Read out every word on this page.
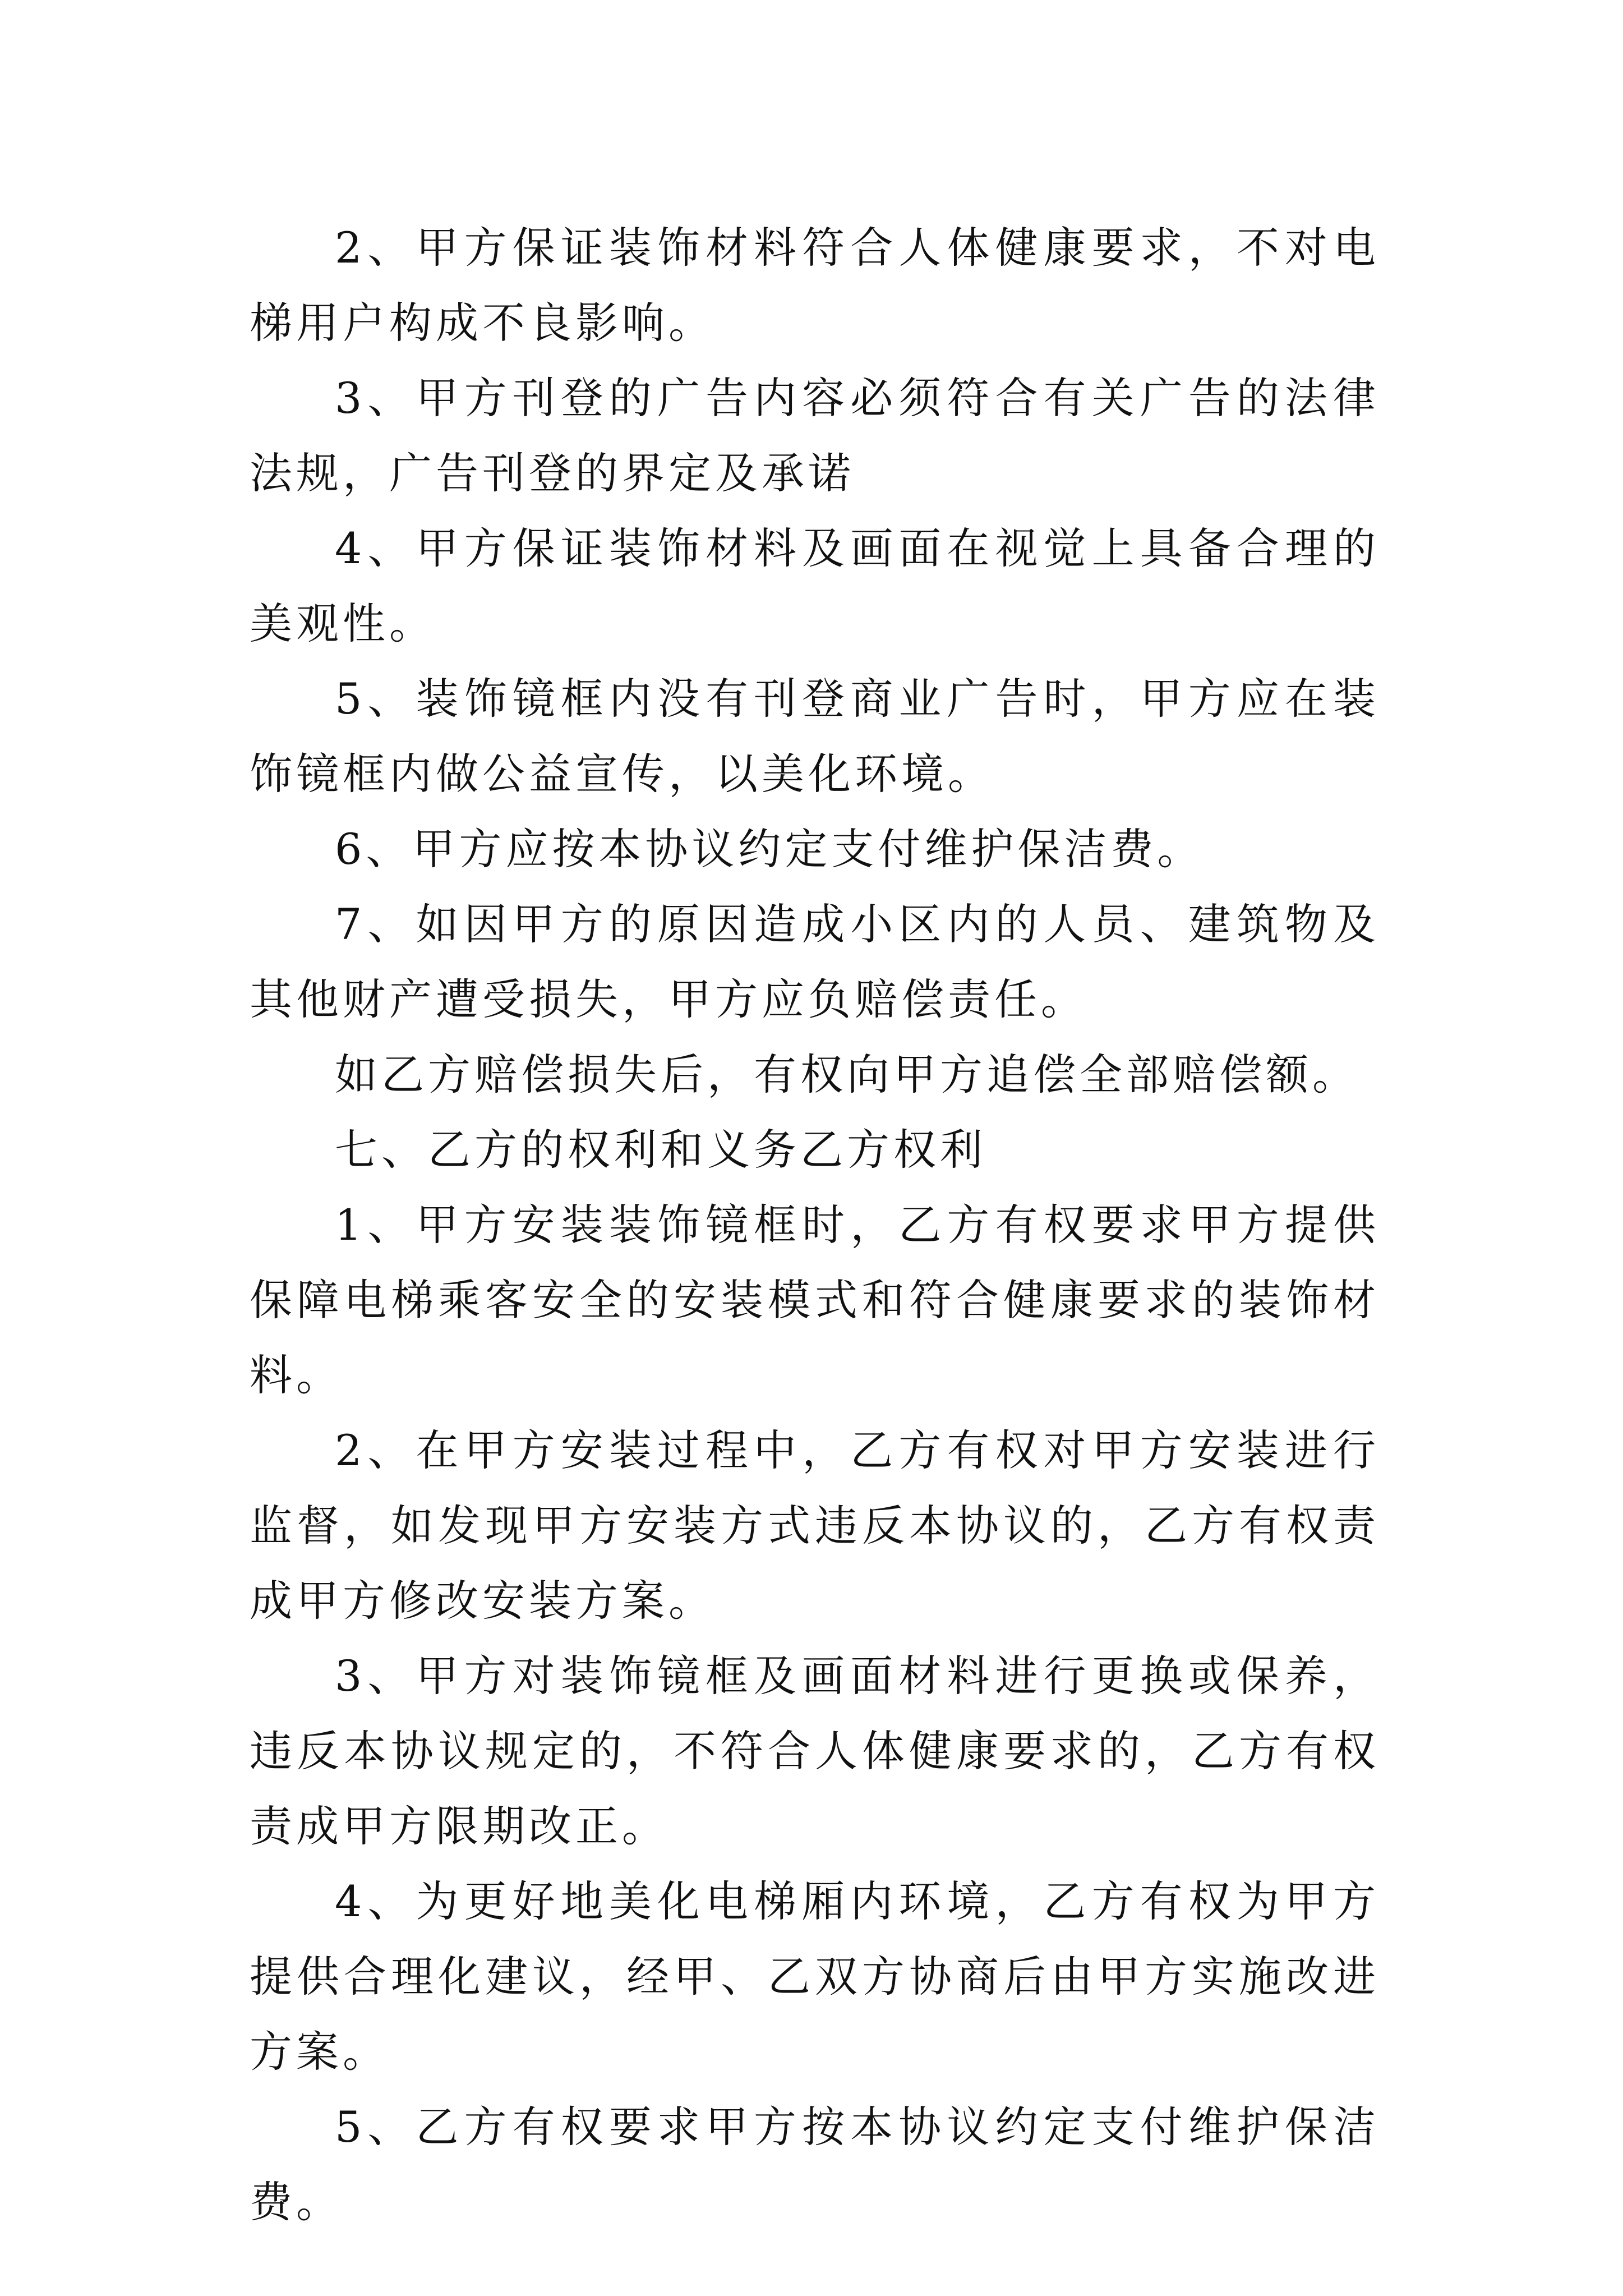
2、甲方保证装饰材料符合人体健康要求，不对电梯用户构成不良影响。

3、甲方刊登的广告内容必须符合有关广告的法律法规，广告刊登的界定及承诺

4、甲方保证装饰材料及画面在视觉上具备合理的美观性。

5、装饰镜框内没有刊登商业广告时，甲方应在装饰镜框内做公益宣传，以美化环境。

6、甲方应按本协议约定支付维护保洁费。

7、如因甲方的原因造成小区内的人员、建筑物及其他财产遭受损失，甲方应负赔偿责任。

如乙方赔偿损失后，有权向甲方追偿全部赔偿额。

七、乙方的权利和义务乙方权利

1、甲方安装装饰镜框时，乙方有权要求甲方提供保障电梯乘客安全的安装模式和符合健康要求的装饰材料。

2、在甲方安装过程中，乙方有权对甲方安装进行监督，如发现甲方安装方式违反本协议的，乙方有权责成甲方修改安装方案。

3、甲方对装饰镜框及画面材料进行更换或保养，违反本协议规定的，不符合人体健康要求的，乙方有权责成甲方限期改正。

4、为更好地美化电梯厢内环境，乙方有权为甲方提供合理化建议，经甲、乙双方协商后由甲方实施改进方案。

5、乙方有权要求甲方按本协议约定支付维护保洁费。
